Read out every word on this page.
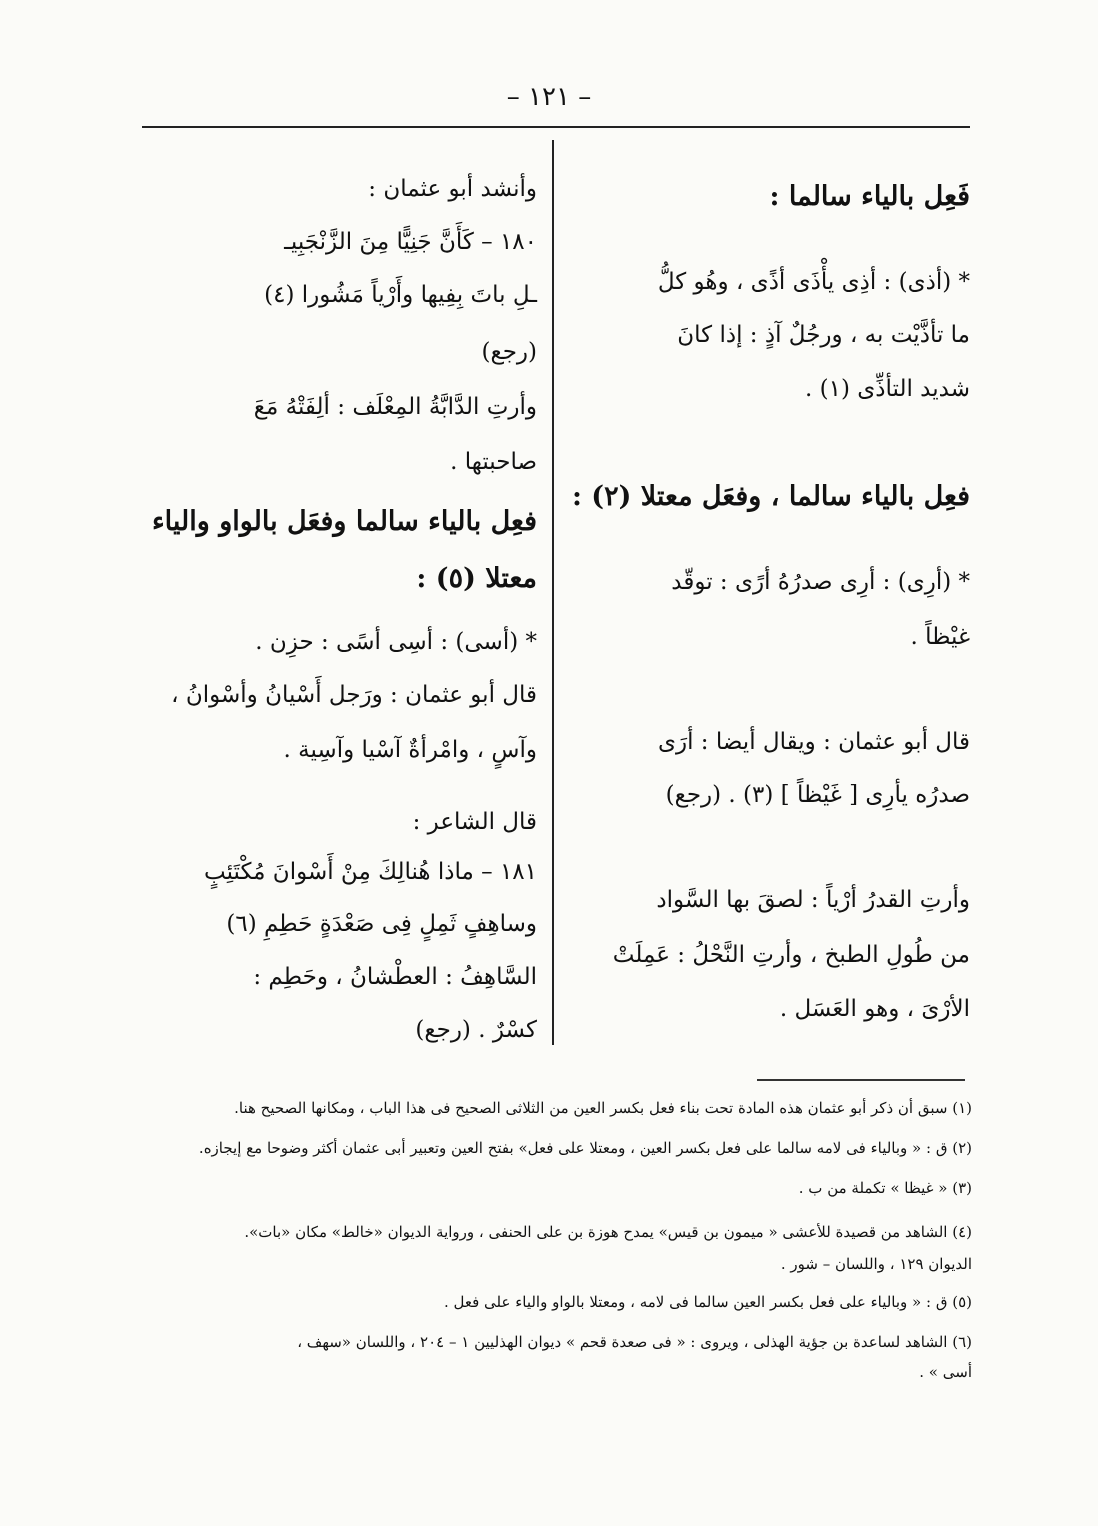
– ١٢١ –
فَعِل بالياء سالما :
* (أذى) : أذِى يأْذَى أذًى ، وهُو كلُّ
ما تأذَّيْت به ، ورجُلٌ آذٍ : إذا كانَ
شديد التأذِّى (١) .
فعِل بالياء سالما ، وفعَل معتلا (٢) :
* (أرِى) : أرِى صدرُهُ أرًى : توقّد
غيْظاً .
قال أبو عثمان : ويقال أيضا : أرَى
صدرُه يأرِى [ غَيْظاً ] (٣) . (رجع)
وأرتِ القدرُ أرْياً : لصقَ بها السَّواد
من طُولِ الطبخ ، وأرتِ النَّحْلُ : عَمِلَتْ
الأرْىَ ، وهو العَسَل .
وأنشد أبو عثمان :
١٨٠ – كَأَنَّ جَنِيًّا مِنَ الزَّنْجَبِيـ
ـلِ باتَ بِفِيها وأَرْياً مَشُورا (٤)
(رجع)
وأرتِ الدَّابَّةُ المِعْلَف : ألِفَتْهُ مَعَ
صاحبتها .
فعِل بالياء سالما وفعَل بالواو والياء
معتلا (٥) :
* (أسى) : أسِى أسًى : حزِن .
قال أبو عثمان : ورَجل أَسْيانُ وأسْوانُ ،
وآسٍ ، وامْرأةٌ آسْيا وآسِية .
قال الشاعر :
١٨١ – ماذا هُنالِكَ مِنْ أَسْوانَ مُكْتَئِبٍ
وساهِفٍ ثَمِلٍ فِى صَعْدَةٍ حَطِمِ (٦)
السَّاهِفُ : العطْشانُ ، وحَطِم :
كسْرٌ . (رجع)
(١) سبق أن ذكر أبو عثمان هذه المادة تحت بناء فعل بكسر العين من الثلاثى الصحيح فى هذا الباب ، ومكانها الصحيح هنا.
(٢) ق : « وبالياء فى لامه سالما على فعل بكسر العين ، ومعتلا على فعل» بفتح العين وتعبير أبى عثمان أكثر وضوحا مع إيجازه.
(٣) « غيظا » تكملة من ب .
(٤) الشاهد من قصيدة للأعشى « ميمون بن قيس» يمدح هوزة بن على الحنفى ، ورواية الديوان «خالط» مكان «بات».
الديوان ١٢٩ ، واللسان – شور .
(٥) ق : « وبالياء على فعل بكسر العين سالما فى لامه ، ومعتلا بالواو والياء على فعل .
(٦) الشاهد لساعدة بن جؤية الهذلى ، ويروى : « فى صعدة قحم » ديوان الهذليين ١ – ٢٠٤ ، واللسان «سهف ،
أسى » .
